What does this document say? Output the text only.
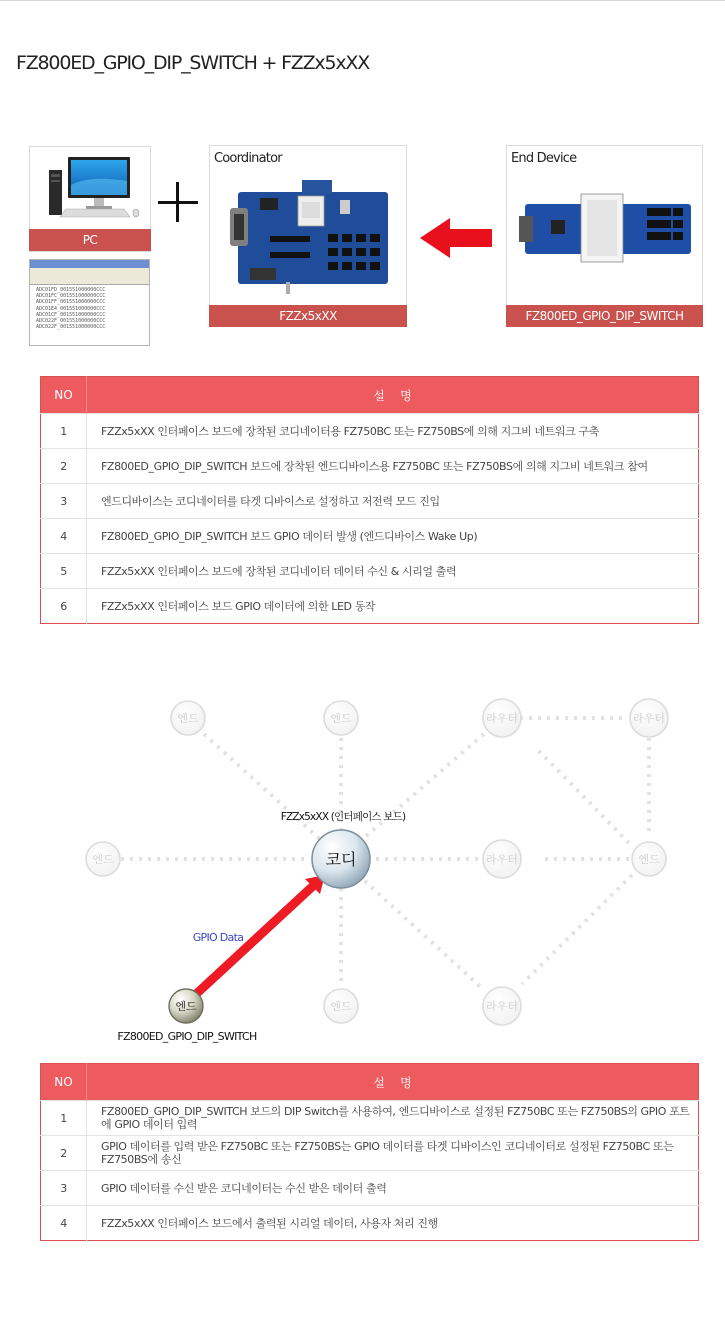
FZ800ED_GPIO_DIP_SWITCH + FZZx5xXX
PC
ADC01FD_001551000000CCC
ADC01FC_001551000000CCC
ADC01FF_001551000000CCC
ADC01E4_001551000000CCC
ADC01CF_001551000000CCC
ADC022F_001551000000CCC
ADC022F_001551000000CCC
Coordinator
FZZx5xXX
End Device
FZ800ED_GPIO_DIP_SWITCH
NO	설    명
1	FZZx5xXX 인터페이스 보드에 장착된 코디네이터용 FZ750BC 또는 FZ750BS에 의해 지그비 네트워크 구축
2	FZ800ED_GPIO_DIP_SWITCH 보드에 장착된 엔드디바이스용 FZ750BC 또는 FZ750BS에 의해 지그비 네트워크 참여
3	엔드디바이스는 코디네이터를 타겟 디바이스로 설정하고 저전력 모드 진입
4	FZ800ED_GPIO_DIP_SWITCH 보드 GPIO 데이터 발생 (엔드디바이스 Wake Up)
5	FZZx5xXX 인터페이스 보드에 장착된 코디네이터 데이터 수신 & 시리얼 출력
6	FZZx5xXX 인터페이스 보드 GPIO 데이터에 의한 LED 동작
엔드	엔드	라우터	라우터
엔드	라우터	엔드
엔드	라우터
코디
FZZx5xXX (인터페이스 보드)
엔드
FZ800ED_GPIO_DIP_SWITCH
GPIO Data
NO	설    명
1	FZ800ED_GPIO_DIP_SWITCH 보드의 DIP Switch를 사용하여, 엔드디바이스로 설정된 FZ750BC 또는 FZ750BS의 GPIO 포트에 GPIO 데이터 입력
2	GPIO 데이터를 입력 받은 FZ750BC 또는 FZ750BS는 GPIO 데이터를 타겟 디바이스인 코디네이터로 설정된 FZ750BC 또는 FZ750BS에 송신
3	GPIO 데이터를 수신 받은 코디네이터는 수신 받은 데이터 출력
4	FZZx5xXX 인터페이스 보드에서 출력된 시리얼 데이터, 사용자 처리 진행
